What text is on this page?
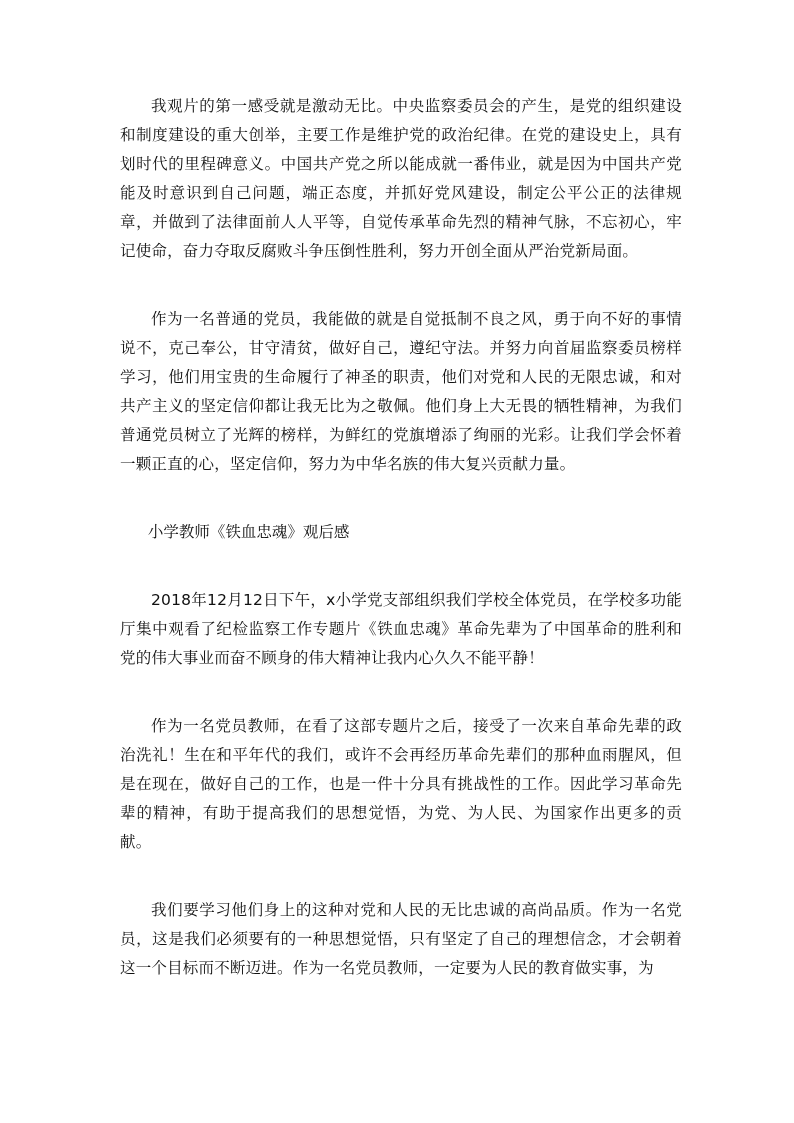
我观片的第一感受就是激动无比。中央监察委员会的产生，是党的组织建设和制度建设的重大创举，主要工作是维护党的政治纪律。在党的建设史上，具有划时代的里程碑意义。中国共产党之所以能成就一番伟业，就是因为中国共产党能及时意识到自己问题，端正态度，并抓好党风建设，制定公平公正的法律规章，并做到了法律面前人人平等，自觉传承革命先烈的精神气脉，不忘初心，牢记使命，奋力夺取反腐败斗争压倒性胜利，努力开创全面从严治党新局面。

作为一名普通的党员，我能做的就是自觉抵制不良之风，勇于向不好的事情说不，克己奉公，甘守清贫，做好自己，遵纪守法。并努力向首届监察委员榜样学习，他们用宝贵的生命履行了神圣的职责，他们对党和人民的无限忠诚，和对共产主义的坚定信仰都让我无比为之敬佩。他们身上大无畏的牺牲精神，为我们普通党员树立了光辉的榜样，为鲜红的党旗增添了绚丽的光彩。让我们学会怀着一颗正直的心，坚定信仰，努力为中华名族的伟大复兴贡献力量。

小学教师《铁血忠魂》观后感

2018年12月12日下午，x小学党支部组织我们学校全体党员，在学校多功能厅集中观看了纪检监察工作专题片《铁血忠魂》革命先辈为了中国革命的胜利和党的伟大事业而奋不顾身的伟大精神让我内心久久不能平静！

作为一名党员教师，在看了这部专题片之后，接受了一次来自革命先辈的政治洗礼！生在和平年代的我们，或许不会再经历革命先辈们的那种血雨腥风，但是在现在，做好自己的工作，也是一件十分具有挑战性的工作。因此学习革命先辈的精神，有助于提高我们的思想觉悟，为党、为人民、为国家作出更多的贡献。

我们要学习他们身上的这种对党和人民的无比忠诚的高尚品质。作为一名党员，这是我们必须要有的一种思想觉悟，只有坚定了自己的理想信念，才会朝着这一个目标而不断迈进。作为一名党员教师，一定要为人民的教育做实事，为
